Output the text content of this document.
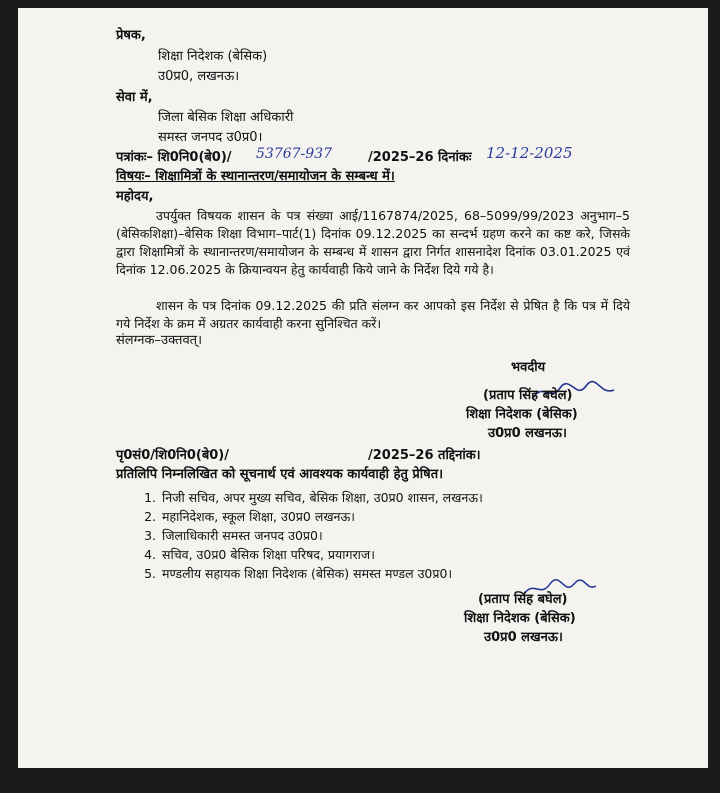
प्रेषक,
शिक्षा निदेशक (बेसिक)
उ0प्र0, लखनऊ।
सेवा में,
जिला बेसिक शिक्षा अधिकारी
समस्त जनपद उ0प्र0।
पत्रांकः– शि0नि0(बे0)/ 53767-937	/2025–26 दिनांकः 12-12-2025
विषयः– शिक्षामित्रों के स्थानान्तरण/समायोजन के सम्बन्ध में।
महोदय,
उपर्युक्त विषयक शासन के पत्र संख्या आई/1167874/2025, 68–5099/99/2023 अनुभाग–5 (बेसिकशिक्षा)–बेसिक शिक्षा विभाग–पार्ट(1) दिनांक 09.12.2025 का सन्दर्भ ग्रहण करने का कष्ट करे, जिसके द्वारा शिक्षामित्रों के स्थानान्तरण/समायोजन के सम्बन्ध में शासन द्वारा निर्गत शासनादेश दिनांक 03.01.2025 एवं दिनांक 12.06.2025 के क्रियान्वयन हेतु कार्यवाही किये जाने के निर्देश दिये गये है।
शासन के पत्र दिनांक 09.12.2025 की प्रति संलग्न कर आपको इस निर्देश से प्रेषित है कि पत्र में दिये गये निर्देश के क्रम में अग्रतर कार्यवाही करना सुनिश्चित करें।
संलग्नक–उक्तवत्।
भवदीय
(प्रताप सिंह बघेल)
शिक्षा निदेशक (बेसिक)
उ0प्र0 लखनऊ।
पृ0सं0/शि0नि0(बे0)/	/2025–26 तद्दिनांक।
प्रतिलिपि निम्नलिखित को सूचनार्थ एवं आवश्यक कार्यवाही हेतु प्रेषित।
1. निजी सचिव, अपर मुख्य सचिव, बेसिक शिक्षा, उ0प्र0 शासन, लखनऊ।
2. महानिदेशक, स्कूल शिक्षा, उ0प्र0 लखनऊ।
3. जिलाधिकारी समस्त जनपद उ0प्र0।
4. सचिव, उ0प्र0 बेसिक शिक्षा परिषद, प्रयागराज।
5. मण्डलीय सहायक शिक्षा निदेशक (बेसिक) समस्त मण्डल उ0प्र0।
(प्रताप सिंह बघेल)
शिक्षा निदेशक (बेसिक)
उ0प्र0 लखनऊ।
